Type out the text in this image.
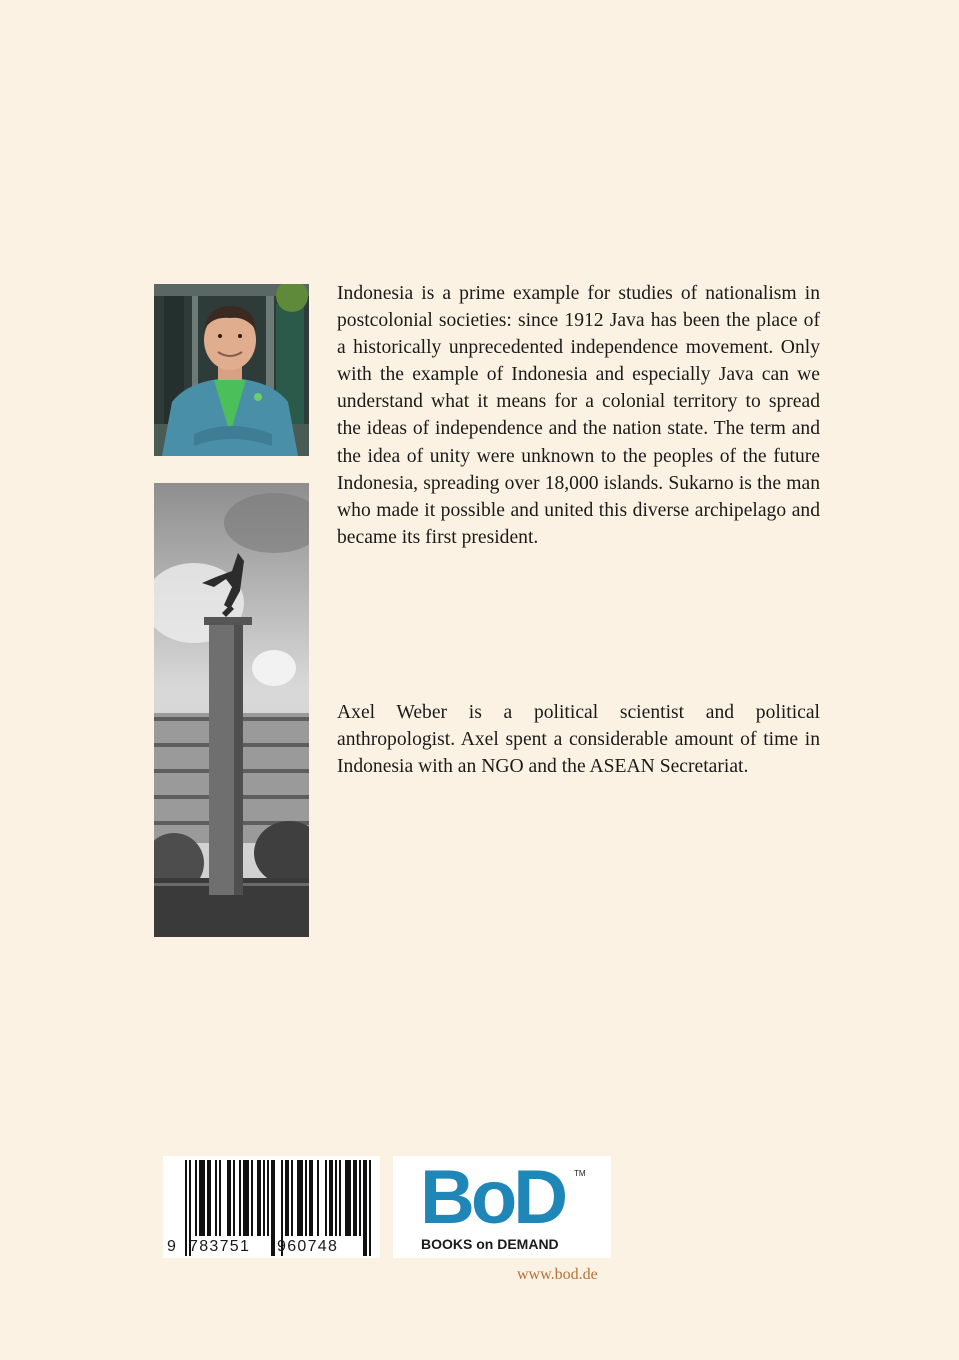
Indonesia is a prime example for studies of nationalism in postcolonial societies: since 1912 Java has been the place of a historically unprecedented independence movement. Only with the example of Indonesia and especially Java can we understand what it means for a colonial territory to spread the ideas of independence and the nation state. The term and the idea of unity were unknown to the peoples of the future Indonesia, spreading over 18,000 islands. Sukarno is the man who made it possible and united this diverse archipelago and became its first president.

Axel Weber is a political scientist and political anthropologist. Axel spent a considerable amount of time in Indonesia with an NGO and the ASEAN Secretariat.

9 783751 960748
BoD TM
BOOKS on DEMAND

www.bod.de
